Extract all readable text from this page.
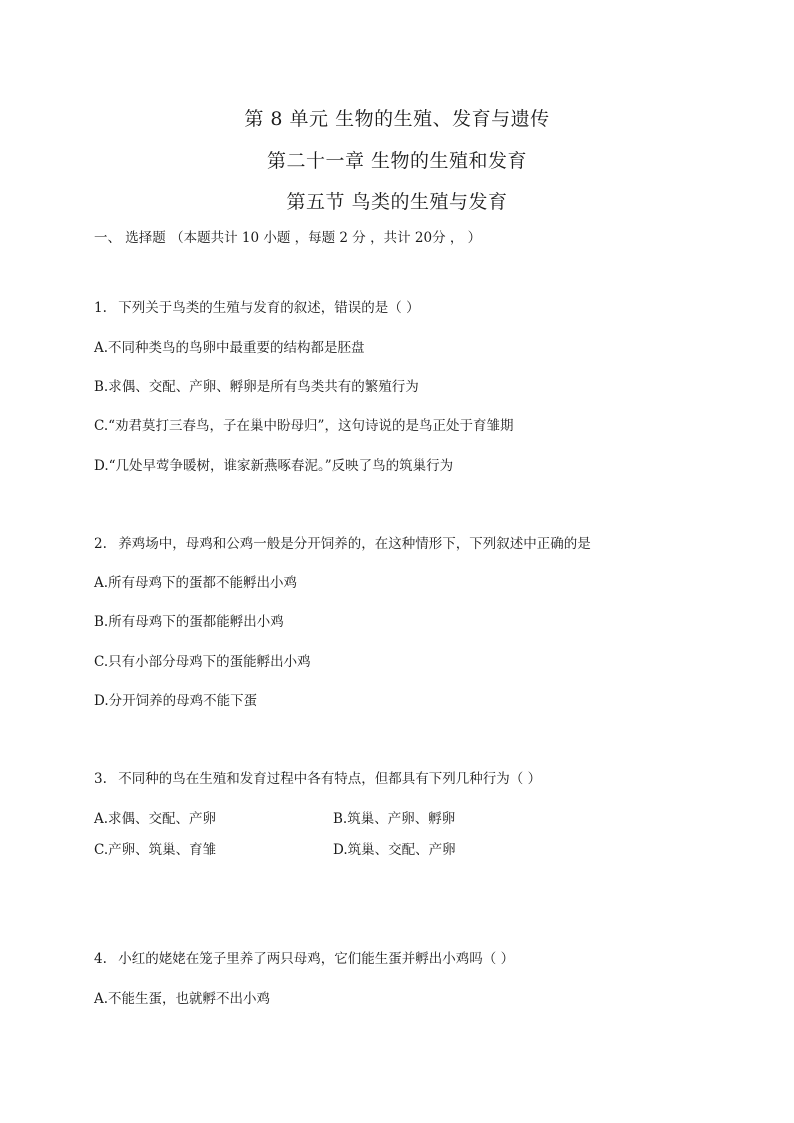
第 8 单元 生物的生殖、发育与遗传
第二十一章 生物的生殖和发育
第五节 鸟类的生殖与发育
一、 选择题 （本题共计 10 小题 ，每题 2 分 ，共计 20分 ， ）
1. 下列关于鸟类的生殖与发育的叙述，错误的是（ ）
A.不同种类鸟的鸟卵中最重要的结构都是胚盘
B.求偶、交配、产卵、孵卵是所有鸟类共有的繁殖行为
C.“劝君莫打三春鸟，子在巢中盼母归”，这句诗说的是鸟正处于育雏期
D.“几处早莺争暖树，谁家新燕啄春泥。”反映了鸟的筑巢行为
2. 养鸡场中，母鸡和公鸡一般是分开饲养的，在这种情形下，下列叙述中正确的是
A.所有母鸡下的蛋都不能孵出小鸡
B.所有母鸡下的蛋都能孵出小鸡
C.只有小部分母鸡下的蛋能孵出小鸡
D.分开饲养的母鸡不能下蛋
3. 不同种的鸟在生殖和发育过程中各有特点，但都具有下列几种行为（ ）
A.求偶、交配、产卵	B.筑巢、产卵、孵卵
C.产卵、筑巢、育雏	D.筑巢、交配、产卵
4. 小红的姥姥在笼子里养了两只母鸡，它们能生蛋并孵出小鸡吗（ ）
A.不能生蛋，也就孵不出小鸡
